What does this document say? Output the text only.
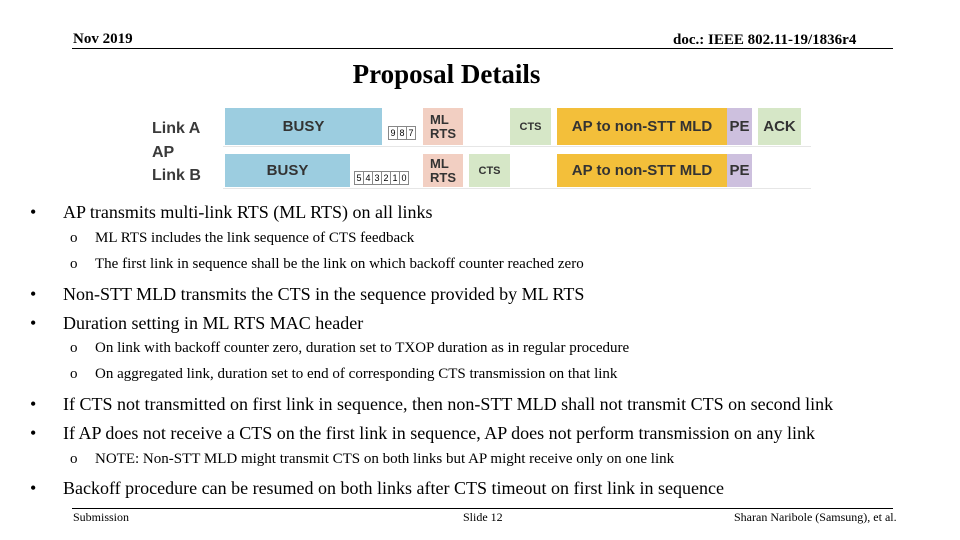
Nov 2019	doc.: IEEE 802.11-19/1836r4
Proposal Details
Link A
AP
Link B
BUSY	9 8 7
ML RTS	CTS	AP to non-STT MLD	PE ACK
BUSY	5 4 3 2 1 0
ML RTS	CTS	AP to non-STT MLD	PE
• AP transmits multi-link RTS (ML RTS) on all links
o ML RTS includes the link sequence of CTS feedback
o The first link in sequence shall be the link on which backoff counter reached zero
• Non-STT MLD transmits the CTS in the sequence provided by ML RTS
• Duration setting in ML RTS MAC header
o On link with backoff counter zero, duration set to TXOP duration as in regular procedure
o On aggregated link, duration set to end of corresponding CTS transmission on that link
• If CTS not transmitted on first link in sequence, then non-STT MLD shall not transmit CTS on second link
• If AP does not receive a CTS on the first link in sequence, AP does not perform transmission on any link
o NOTE: Non-STT MLD might transmit CTS on both links but AP might receive only on one link
• Backoff procedure can be resumed on both links after CTS timeout on first link in sequence
Submission	Slide 12	Sharan Naribole (Samsung), et al.
